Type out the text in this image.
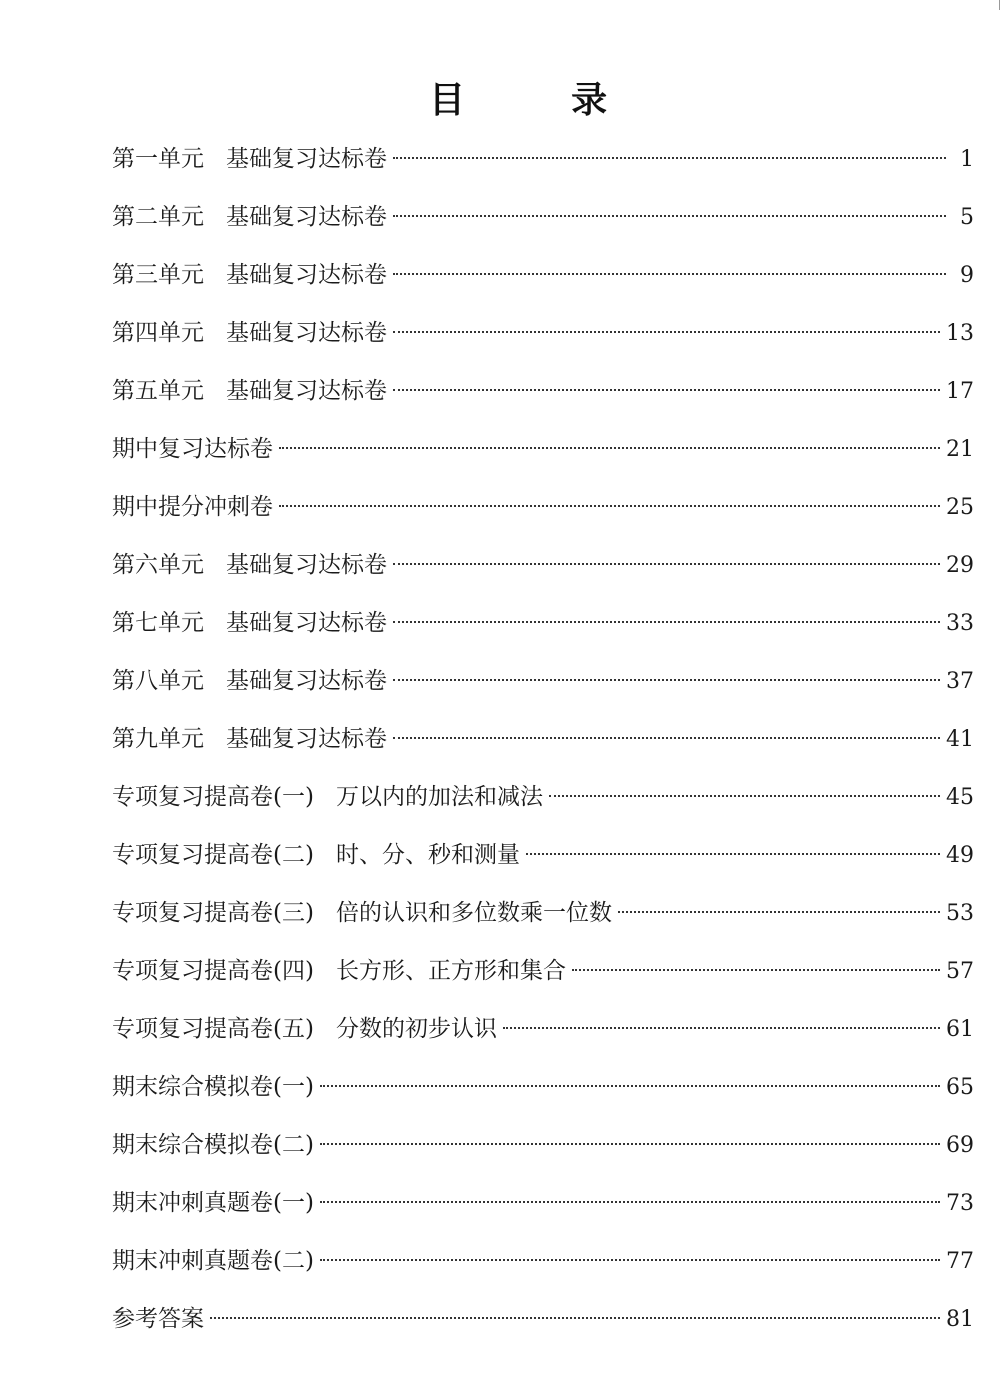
目 录
第一单元 基础复习达标卷	1
第二单元 基础复习达标卷	5
第三单元 基础复习达标卷	9
第四单元 基础复习达标卷	13
第五单元 基础复习达标卷	17
期中复习达标卷	21
期中提分冲刺卷	25
第六单元 基础复习达标卷	29
第七单元 基础复习达标卷	33
第八单元 基础复习达标卷	37
第九单元 基础复习达标卷	41
专项复习提高卷(一) 万以内的加法和减法	45
专项复习提高卷(二) 时、分、秒和测量	49
专项复习提高卷(三) 倍的认识和多位数乘一位数	53
专项复习提高卷(四) 长方形、正方形和集合	57
专项复习提高卷(五) 分数的初步认识	61
期末综合模拟卷(一)	65
期末综合模拟卷(二)	69
期末冲刺真题卷(一)	73
期末冲刺真题卷(二)	77
参考答案	81
